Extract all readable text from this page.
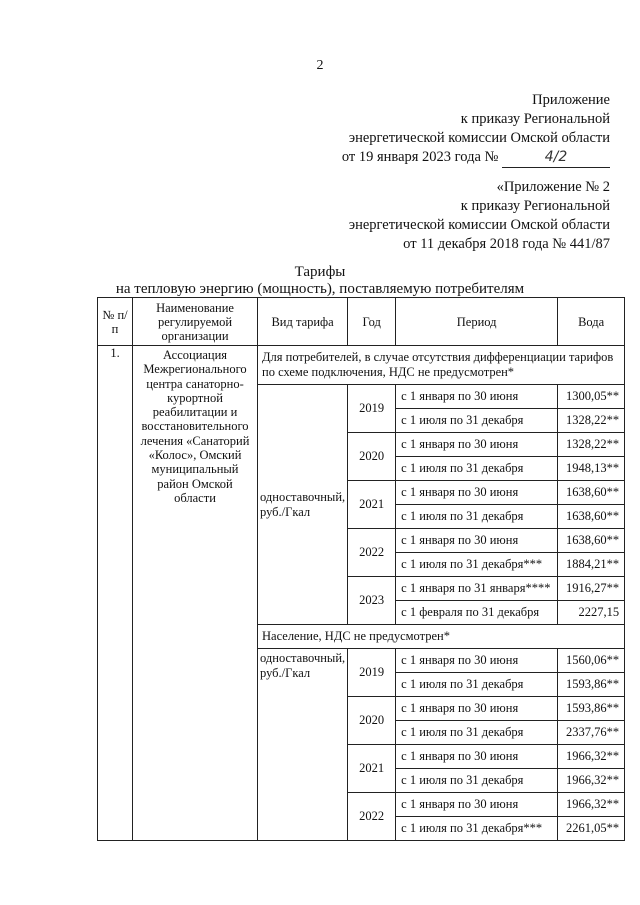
2
Приложение
к приказу Региональной
энергетической комиссии Омской области
от 19 января 2023 года №	4/2
«Приложение № 2
к приказу Региональной
энергетической комиссии Омской области
от 11 декабря 2018 года № 441/87
Тарифы
на тепловую энергию (мощность), поставляемую потребителям
№ п/п	Наименование регулируемой организации	Вид тарифа	Год	Период	Вода
1.	Ассоциация Межрегионального центра санаторно-курортной реабилитации и восстановительного лечения «Санаторий «Колос», Омский муниципальный район Омской области	Для потребителей, в случае отсутствия дифференциации тарифов по схеме подключения, НДС не предусмотрен*			
		одноставочный, руб./Гкал	2019	с 1 января по 30 июня	1300,05**
				с 1 июля по 31 декабря	1328,22**
			2020	с 1 января по 30 июня	1328,22**
				с 1 июля по 31 декабря	1948,13**
			2021	с 1 января по 30 июня	1638,60**
				с 1 июля по 31 декабря	1638,60**
			2022	с 1 января по 30 июня	1638,60**
				с 1 июля по 31 декабря***	1884,21**
			2023	с 1 января по 31 января****	1916,27**
				с 1 февраля по 31 декабря	2227,15
		Население, НДС не предусмотрен*			
		одноставочный, руб./Гкал	2019	с 1 января по 30 июня	1560,06**
				с 1 июля по 31 декабря	1593,86**
			2020	с 1 января по 30 июня	1593,86**
				с 1 июля по 31 декабря	2337,76**
			2021	с 1 января по 30 июня	1966,32**
				с 1 июля по 31 декабря	1966,32**
			2022	с 1 января по 30 июня	1966,32**
				с 1 июля по 31 декабря***	2261,05**
